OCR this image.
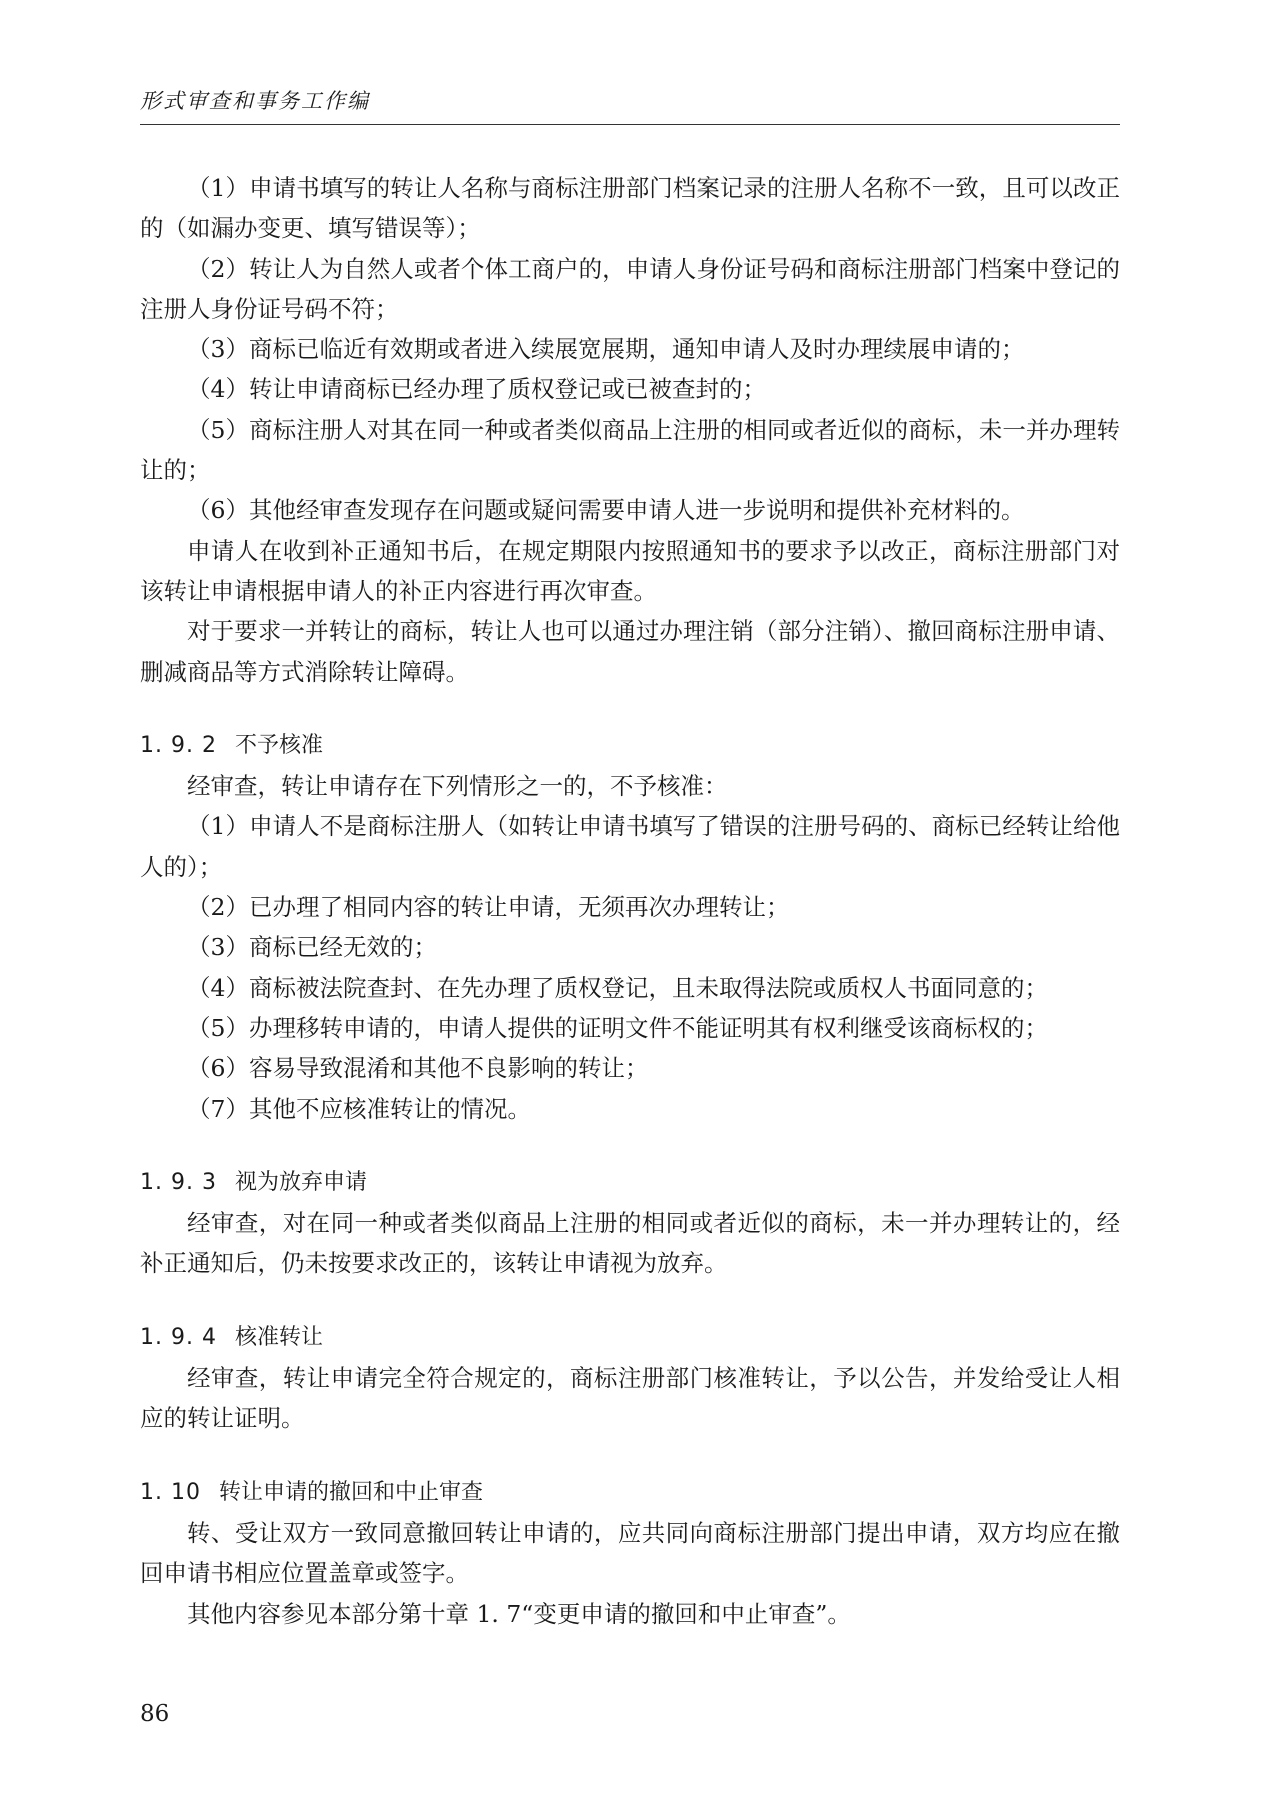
形式审查和事务工作编

（1）申请书填写的转让人名称与商标注册部门档案记录的注册人名称不一致，且可以改正的（如漏办变更、填写错误等）；

（2）转让人为自然人或者个体工商户的，申请人身份证号码和商标注册部门档案中登记的注册人身份证号码不符；

（3）商标已临近有效期或者进入续展宽展期，通知申请人及时办理续展申请的；

（4）转让申请商标已经办理了质权登记或已被查封的；

（5）商标注册人对其在同一种或者类似商品上注册的相同或者近似的商标，未一并办理转让的；

（6）其他经审查发现存在问题或疑问需要申请人进一步说明和提供补充材料的。

申请人在收到补正通知书后，在规定期限内按照通知书的要求予以改正，商标注册部门对该转让申请根据申请人的补正内容进行再次审查。

对于要求一并转让的商标，转让人也可以通过办理注销（部分注销）、撤回商标注册申请、删减商品等方式消除转让障碍。

1. 9. 2 不予核准

经审查，转让申请存在下列情形之一的，不予核准：

（1）申请人不是商标注册人（如转让申请书填写了错误的注册号码的、商标已经转让给他人的）；

（2）已办理了相同内容的转让申请，无须再次办理转让；

（3）商标已经无效的；

（4）商标被法院查封、在先办理了质权登记，且未取得法院或质权人书面同意的；

（5）办理移转申请的，申请人提供的证明文件不能证明其有权利继受该商标权的；

（6）容易导致混淆和其他不良影响的转让；

（7）其他不应核准转让的情况。

1. 9. 3 视为放弃申请

经审查，对在同一种或者类似商品上注册的相同或者近似的商标，未一并办理转让的，经补正通知后，仍未按要求改正的，该转让申请视为放弃。

1. 9. 4 核准转让

经审查，转让申请完全符合规定的，商标注册部门核准转让，予以公告，并发给受让人相应的转让证明。

1. 10 转让申请的撤回和中止审查

转、受让双方一致同意撤回转让申请的，应共同向商标注册部门提出申请，双方均应在撤回申请书相应位置盖章或签字。

其他内容参见本部分第十章 1. 7“变更申请的撤回和中止审查”。

86
